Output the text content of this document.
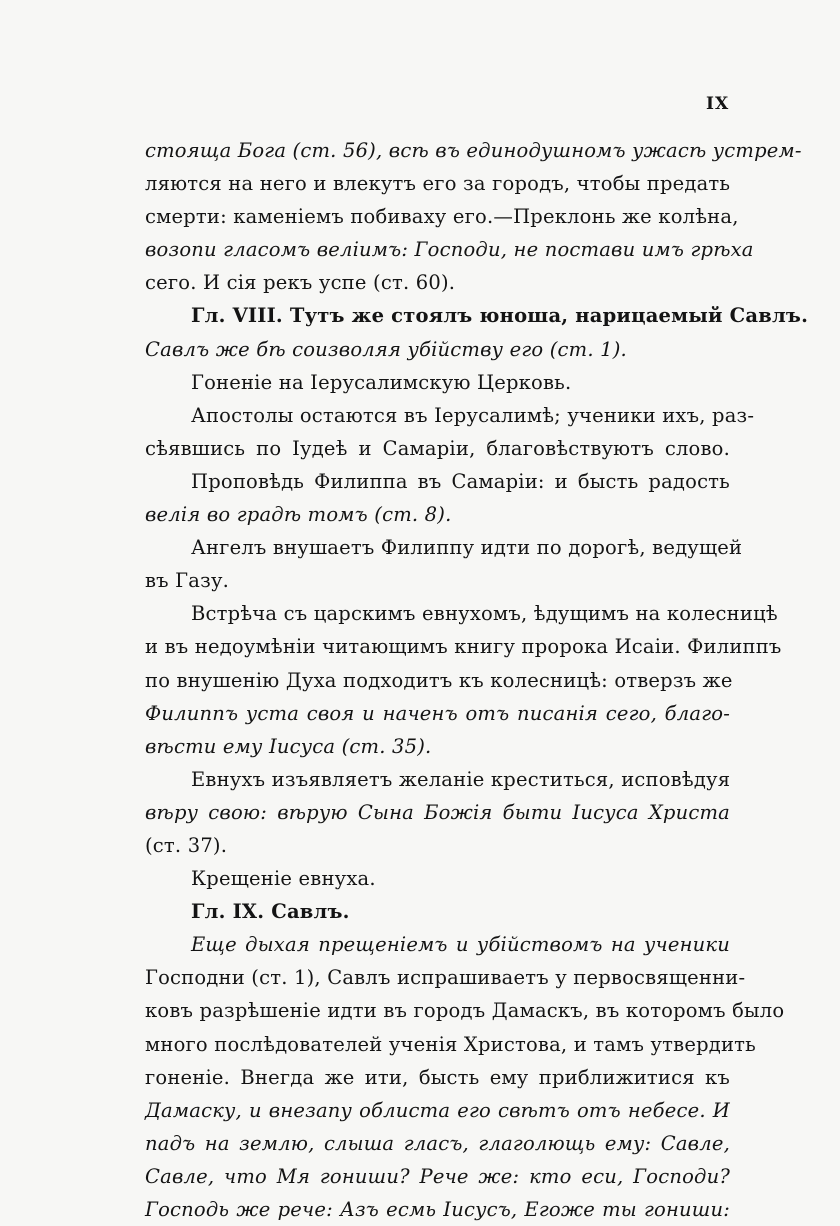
IX
стояща Бога (ст. 56), всѣ въ единодушномъ ужасѣ устрем-
ляются на него и влекутъ его за городъ, чтобы предать
смерти: каменіемъ побиваху его.—Преклонь же колѣна,
возопи гласомъ веліимъ: Господи, не постави имъ грѣха
сего. И сія рекъ успе (ст. 60).
Гл. VIII. Тутъ же стоялъ юноша, нарицаемый Савлъ.
Савлъ же бѣ соизволяя убійству его (ст. 1).
Гоненіе на Іерусалимскую Церковь.
Апостолы остаются въ Іерусалимѣ; ученики ихъ, раз-
сѣявшись по Іудеѣ и Самаріи, благовѣствуютъ слово.
Проповѣдь Филиппа въ Самаріи: и бысть радость
велія во градѣ томъ (ст. 8).
Ангелъ внушаетъ Филиппу идти по дорогѣ, ведущей
въ Газу.
Встрѣча съ царскимъ евнухомъ, ѣдущимъ на колесницѣ
и въ недоумѣніи читающимъ книгу пророка Исаіи. Филиппъ
по внушенію Духа подходитъ къ колесницѣ: отверзъ же
Филиппъ уста своя и наченъ отъ писанія сего, благо-
вѣсти ему Іисуса (ст. 35).
Евнухъ изъявляетъ желаніе креститься, исповѣдуя
вѣру свою: вѣрую Сына Божія быти Іисуса Христа
(ст. 37).
Крещеніе евнуха.
Гл. IX. Савлъ.
Еще дыхая прещеніемъ и убійствомъ на ученики
Господни (ст. 1), Савлъ испрашиваетъ у первосвященни-
ковъ разрѣшеніе идти въ городъ Дамаскъ, въ которомъ было
много послѣдователей ученія Христова, и тамъ утвердить
гоненіе. Внегда же ити, бысть ему приближитися къ
Дамаску, и внезапу облиста его свѣтъ отъ небесе. И
падъ на землю, слыша гласъ, глаголющь ему: Савле,
Савле, что Мя гониши? Рече же: кто еси, Господи?
Господь же рече: Азъ есмь Іисусъ, Егоже ты гониши:
